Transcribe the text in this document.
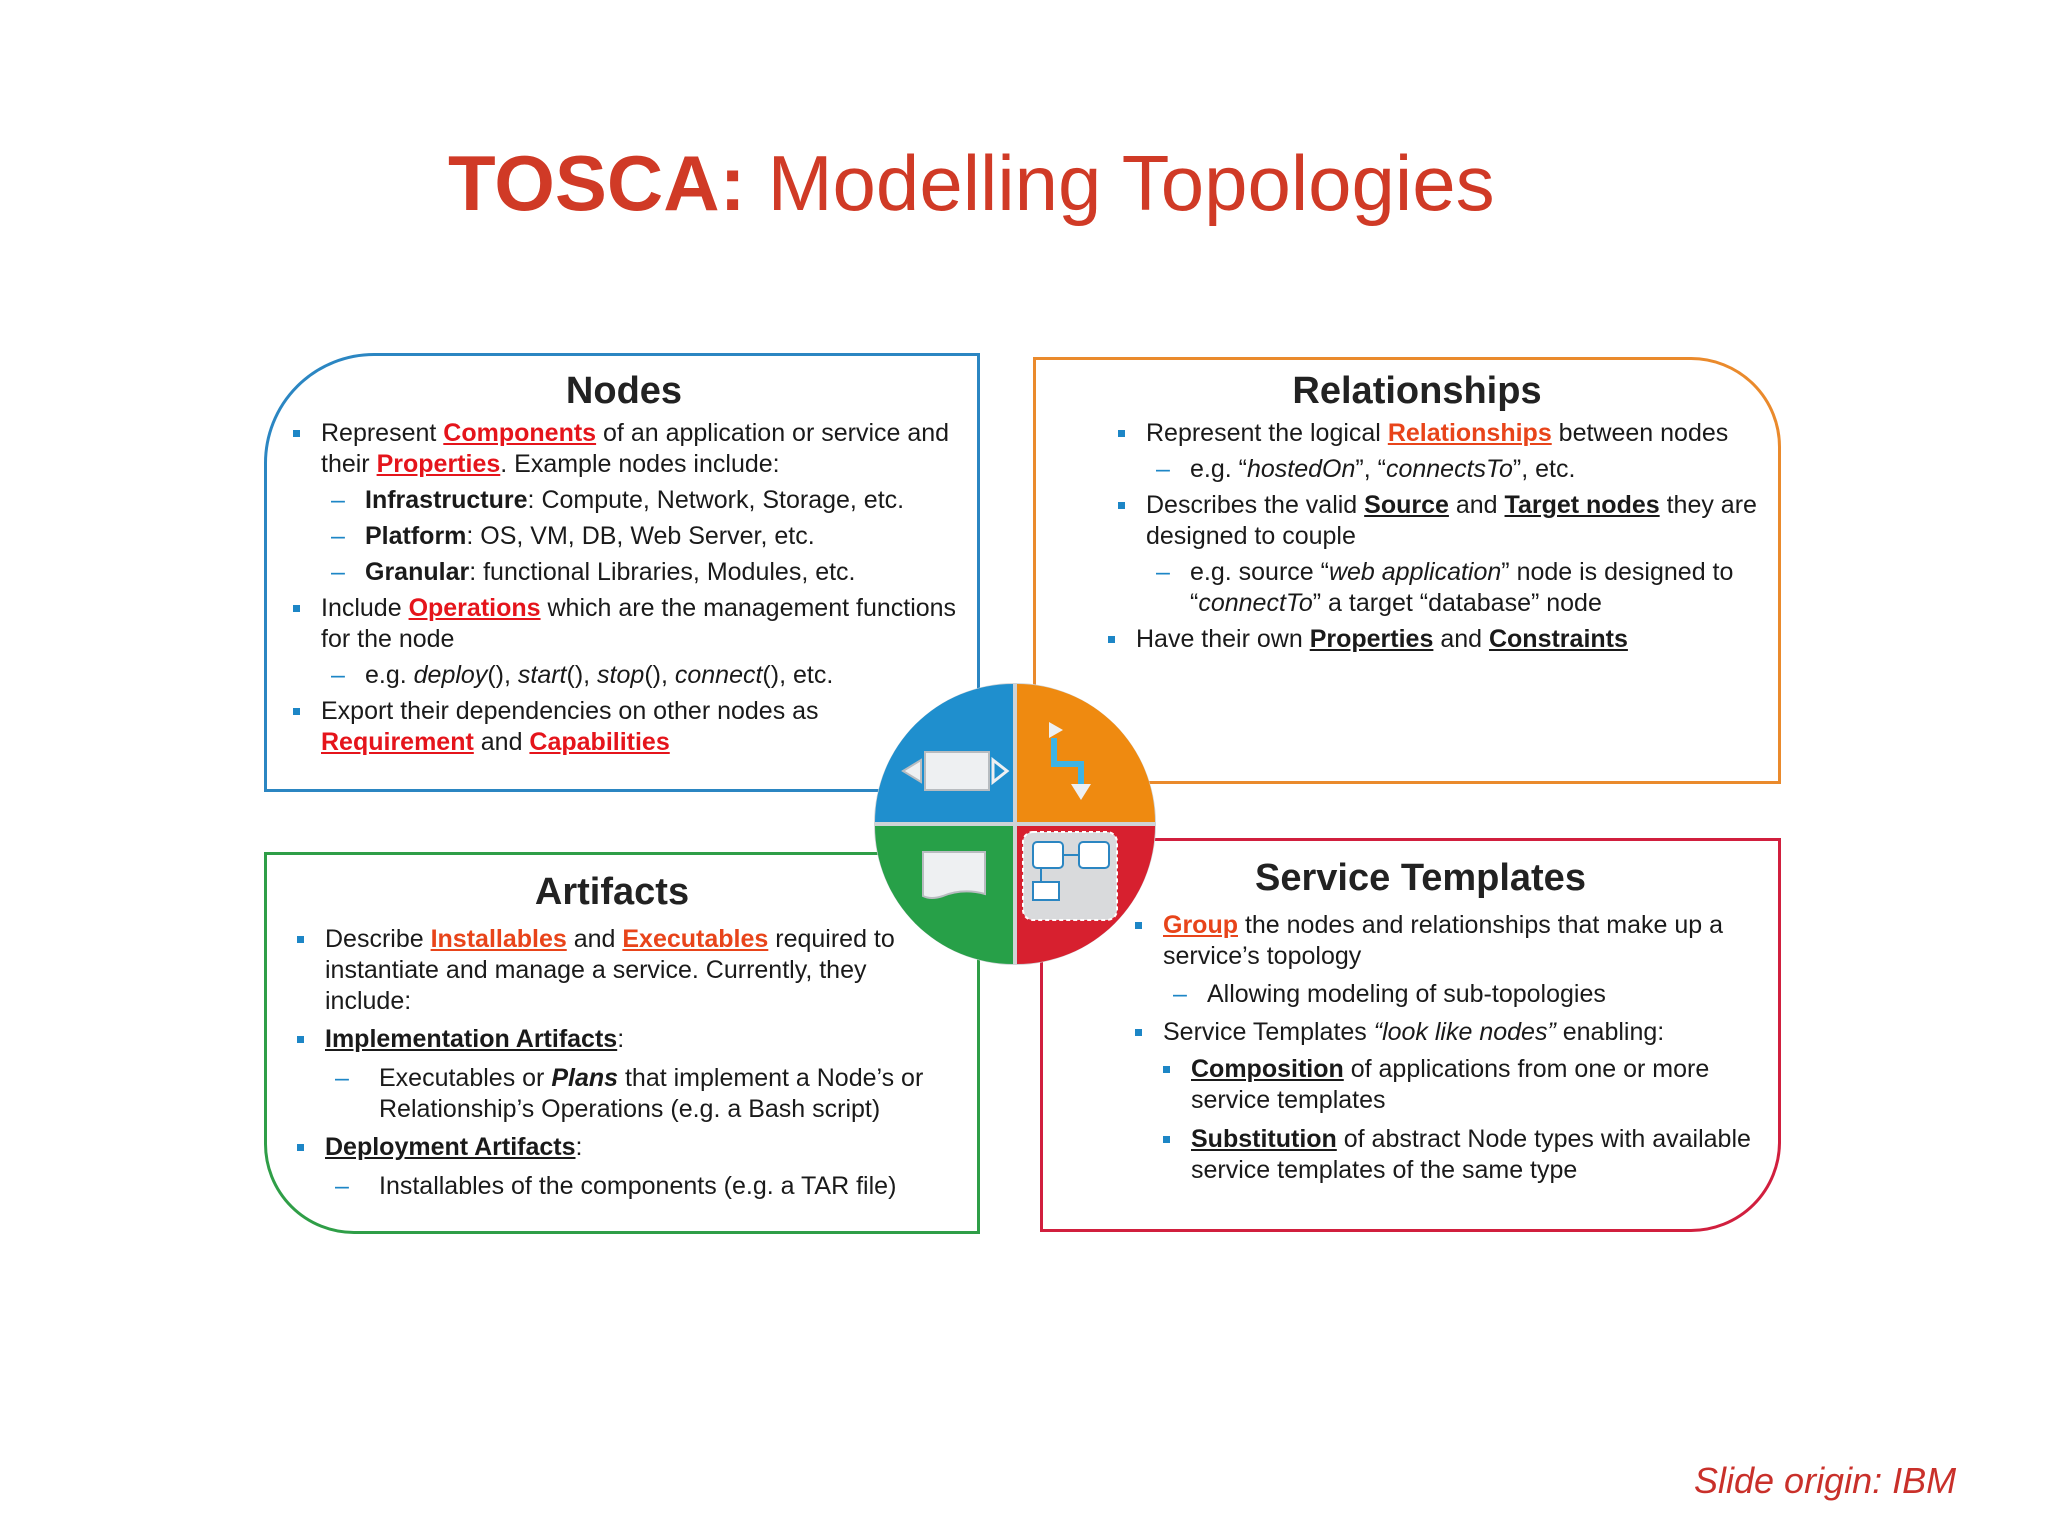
TOSCA: Modelling Topologies
Nodes
Represent Components of an application or service and their Properties. Example nodes include:
– Infrastructure: Compute, Network, Storage, etc.
– Platform: OS, VM, DB, Web Server, etc.
– Granular: functional Libraries, Modules, etc.
Include Operations which are the management functions for the node
– e.g. deploy(), start(), stop(), connect(), etc.
Export their dependencies on other nodes as Requirement and Capabilities
Relationships
Represent the logical Relationships between nodes
– e.g. “hostedOn”, “connectsTo”, etc.
Describes the valid Source and Target nodes they are designed to couple
– e.g. source “web application” node is designed to “connectTo” a target “database” node
Have their own Properties and Constraints
Artifacts
Describe Installables and Executables required to instantiate and manage a service. Currently, they include:
Implementation Artifacts:
– Executables or Plans that implement a Node’s or Relationship’s Operations (e.g. a Bash script)
Deployment Artifacts:
– Installables of the components (e.g. a TAR file)
Service Templates
Group the nodes and relationships that make up a service’s topology
– Allowing modeling of sub-topologies
Service Templates “look like nodes” enabling:
Composition of applications from one or more service templates
Substitution of abstract Node types with available service templates of the same type
Slide origin: IBM
